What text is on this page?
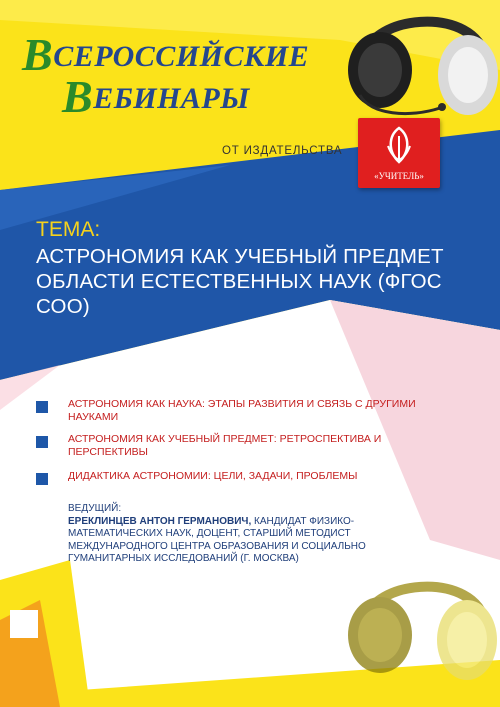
ВСЕРОССИЙСКИЕ
ВЕБИНАРЫ
ОТ ИЗДАТЕЛЬСТВА
«УЧИТЕЛЬ»
ТЕМА:
АСТРОНОМИЯ КАК УЧЕБНЫЙ ПРЕДМЕТ ОБЛАСТИ ЕСТЕСТВЕННЫХ НАУК (ФГОС СОО)
АСТРОНОМИЯ КАК НАУКА: ЭТАПЫ РАЗВИТИЯ И СВЯЗЬ С ДРУГИМИ НАУКАМИ
АСТРОНОМИЯ КАК УЧЕБНЫЙ ПРЕДМЕТ: РЕТРОСПЕКТИВА И ПЕРСПЕКТИВЫ
ДИДАКТИКА АСТРОНОМИИ: ЦЕЛИ, ЗАДАЧИ, ПРОБЛЕМЫ
ВЕДУЩИЙ:
ЕРЕКЛИНЦЕВ АНТОН ГЕРМАНОВИЧ, КАНДИДАТ ФИЗИКО-МАТЕМАТИЧЕСКИХ НАУК, ДОЦЕНТ, СТАРШИЙ МЕТОДИСТ МЕЖДУНАРОДНОГО ЦЕНТРА ОБРАЗОВАНИЯ И СОЦИАЛЬНО ГУМАНИТАРНЫХ ИССЛЕДОВАНИЙ (Г. МОСКВА)
